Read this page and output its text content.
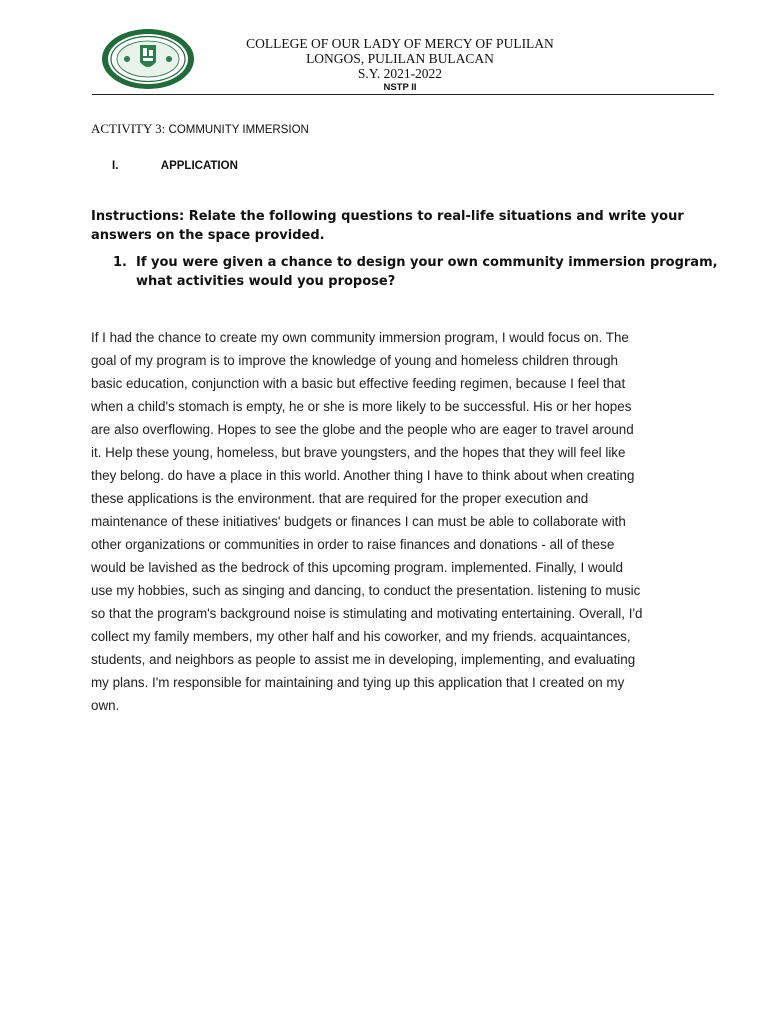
COLLEGE OF OUR LADY OF MERCY OF PULILAN
LONGOS, PULILAN BULACAN
S.Y. 2021-2022
NSTP II
ACTIVITY 3: COMMUNITY IMMERSION
I.	APPLICATION
Instructions: Relate the following questions to real-life situations and write your answers on the space provided.
1. If you were given a chance to design your own community immersion program, what activities would you propose?
If I had the chance to create my own community immersion program, I would focus on. The
goal of my program is to improve the knowledge of young and homeless children through
basic education, conjunction with a basic but effective feeding regimen, because I feel that
when a child's stomach is empty, he or she is more likely to be successful. His or her hopes
are also overflowing. Hopes to see the globe and the people who are eager to travel around
it. Help these young, homeless, but brave youngsters, and the hopes that they will feel like
they belong. do have a place in this world. Another thing I have to think about when creating
these applications is the environment. that are required for the proper execution and
maintenance of these initiatives' budgets or finances I can must be able to collaborate with
other organizations or communities in order to raise finances and donations - all of these
would be lavished as the bedrock of this upcoming program. implemented. Finally, I would
use my hobbies, such as singing and dancing, to conduct the presentation. listening to music
so that the program's background noise is stimulating and motivating entertaining. Overall, I'd
collect my family members, my other half and his coworker, and my friends. acquaintances,
students, and neighbors as people to assist me in developing, implementing, and evaluating
my plans. I'm responsible for maintaining and tying up this application that I created on my
own.
